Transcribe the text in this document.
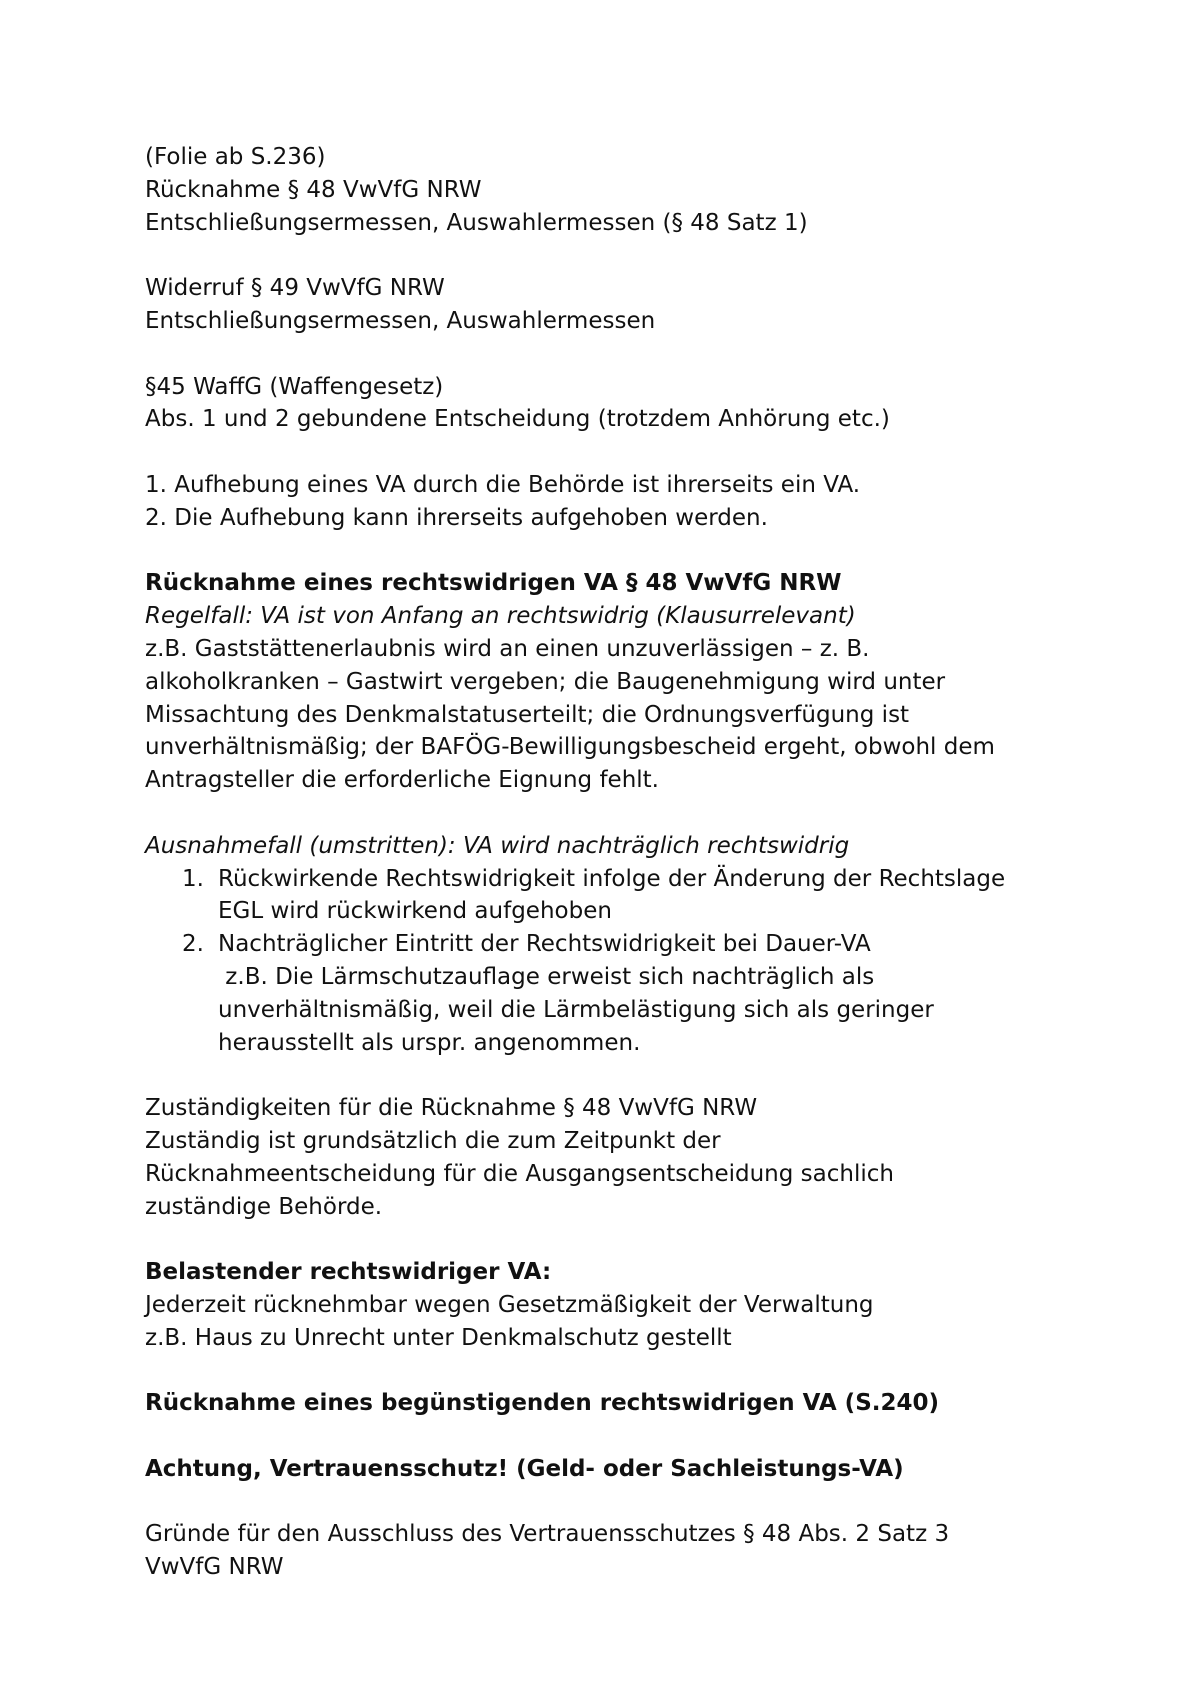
(Folie ab S.236)
Rücknahme § 48 VwVfG NRW
Entschließungsermessen, Auswahlermessen (§ 48 Satz 1)
Widerruf § 49 VwVfG NRW
Entschließungsermessen, Auswahlermessen
§45 WaffG (Waffengesetz)
Abs. 1 und 2 gebundene Entscheidung (trotzdem Anhörung etc.)
1. Aufhebung eines VA durch die Behörde ist ihrerseits ein VA.
2. Die Aufhebung kann ihrerseits aufgehoben werden.
Rücknahme eines rechtswidrigen VA § 48 VwVfG NRW
Regelfall: VA ist von Anfang an rechtswidrig (Klausurrelevant)
z.B. Gaststättenerlaubnis wird an einen unzuverlässigen – z. B.
alkoholkranken – Gastwirt vergeben; die Baugenehmigung wird unter
Missachtung des Denkmalstatuserteilt; die Ordnungsverfügung ist
unverhältnismäßig; der BAFÖG-Bewilligungsbescheid ergeht, obwohl dem
Antragsteller die erforderliche Eignung fehlt.
Ausnahmefall (umstritten): VA wird nachträglich rechtswidrig
1. Rückwirkende Rechtswidrigkeit infolge der Änderung der Rechtslage
EGL wird rückwirkend aufgehoben
2. Nachträglicher Eintritt der Rechtswidrigkeit bei Dauer-VA
z.B. Die Lärmschutzauflage erweist sich nachträglich als
unverhältnismäßig, weil die Lärmbelästigung sich als geringer
herausstellt als urspr. angenommen.
Zuständigkeiten für die Rücknahme § 48 VwVfG NRW
Zuständig ist grundsätzlich die zum Zeitpunkt der
Rücknahmeentscheidung für die Ausgangsentscheidung sachlich
zuständige Behörde.
Belastender rechtswidriger VA:
Jederzeit rücknehmbar wegen Gesetzmäßigkeit der Verwaltung
z.B. Haus zu Unrecht unter Denkmalschutz gestellt
Rücknahme eines begünstigenden rechtswidrigen VA (S.240)
Achtung, Vertrauensschutz! (Geld- oder Sachleistungs-VA)
Gründe für den Ausschluss des Vertrauensschutzes § 48 Abs. 2 Satz 3
VwVfG NRW
